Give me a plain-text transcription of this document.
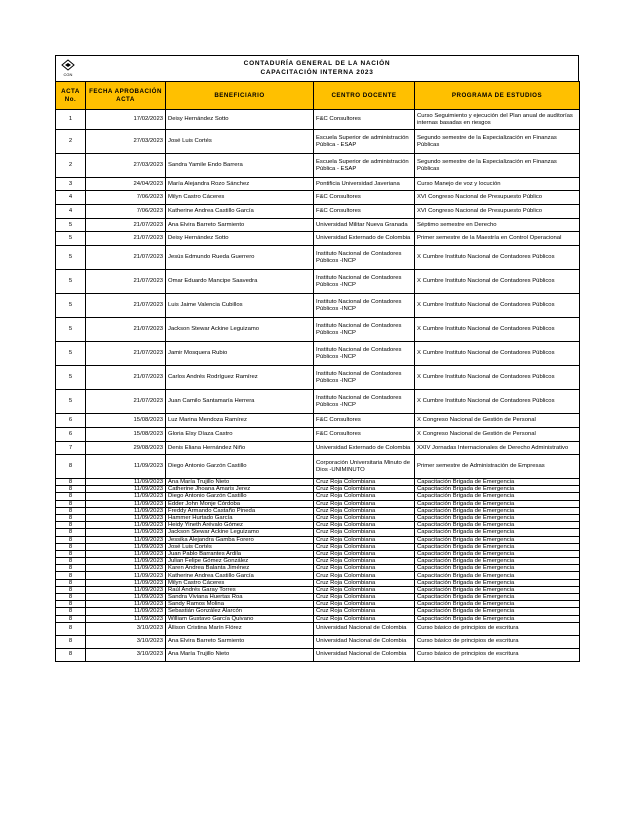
CGN
CONTADURÍA GENERAL DE LA NACIÓN
CAPACITACIÓN INTERNA 2023
ACTA No.	FECHA APROBACIÓN ACTA	BENEFICIARIO	CENTRO DOCENTE	PROGRAMA DE ESTUDIOS
1	17/02/2023	Deisy Hernández Sotto	F&C Consultores	Curso Seguimiento y ejecución del Plan anual de auditorías internas basadas en riesgos
2	27/03/2023	José Luis Cortés	Escuela Superior de administración Pública - ESAP	Segundo semestre de la Especialización en Finanzas Públicas
2	27/03/2023	Sandra Yamile Endo Barrera	Escuela Superior de administración Pública - ESAP	Segundo semestre de la Especialización en Finanzas Públicas
3	24/04/2023	María Alejandra Rozo Sánchez	Pontificia Universidad Javeriana	Curso Manejo de voz y locución
4	7/06/2023	Milyn Castro Cáceres	F&C Consultores	XVI Congreso Nacional de Presupuesto Público
4	7/06/2023	Katherine Andrea Castillo García	F&C Consultores	XVI Congreso Nacional de Presupuesto Público
5	21/07/2023	Ana Elvira Barreto Sarmiento	Universidad Militar Nueva Granada	Séptimo semestre en Derecho
5	21/07/2023	Deisy Hernández Sotto	Universidad Externado de Colombia	Primer semestre de la Maestría en Control Operacional
5	21/07/2023	Jesús Edmundo Rueda Guerrero	Instituto Nacional de Contadores Públicos -INCP	X Cumbre Instituto Nacional de Contadores Públicos
5	21/07/2023	Omar Eduardo Mancipe Saavedra	Instituto Nacional de Contadores Públicos -INCP	X Cumbre Instituto Nacional de Contadores Públicos
5	21/07/2023	Luis Jaime Valencia Cubillos	Instituto Nacional de Contadores Públicos -INCP	X Cumbre Instituto Nacional de Contadores Públicos
5	21/07/2023	Jackson Stewar Ackine Leguizamo	Instituto Nacional de Contadores Públicos -INCP	X Cumbre Instituto Nacional de Contadores Públicos
5	21/07/2023	Jamir Mosquera Rubio	Instituto Nacional de Contadores Públicos -INCP	X Cumbre Instituto Nacional de Contadores Públicos
5	21/07/2023	Carlos Andrés Rodríguez Ramírez	Instituto Nacional de Contadores Públicos -INCP	X Cumbre Instituto Nacional de Contadores Públicos
5	21/07/2023	Juan Camilo Santamaría Herrera	Instituto Nacional de Contadores Públicos -INCP	X Cumbre Instituto Nacional de Contadores Públicos
6	15/08/2023	Luz Marina Mendoza Ramírez	F&C Consultores	X Congreso Nacional de Gestión de Personal
6	15/08/2023	Gloria Elsy Díaza Castro	F&C Consultores	X Congreso Nacional de Gestión de Personal
7	29/08/2023	Denis Eliana Hernández Niño	Universidad Externado de Colombia	XXIV Jornadas Internacionales de Derecho Administrativo
8	11/09/2023	Diego Antonio Garzón Castillo	Corporación Universitaria Minuto de Dios -UNIMINUTO	Primer semestre de Administración de Empresas
8	11/09/2023	Ana María Trujillo Nieto	Cruz Roja Colombiana	Capacitación Brigada de Emergencia
8	11/09/2023	Catherine Jhoana Amaris Jerez	Cruz Roja Colombiana	Capacitación Brigada de Emergencia
8	11/09/2023	Diego Antonio Garzón Castillo	Cruz Roja Colombiana	Capacitación Brigada de Emergencia
8	11/09/2023	Edder John Monje Córdoba	Cruz Roja Colombiana	Capacitación Brigada de Emergencia
8	11/09/2023	Freddy Armando Castaño Pineda	Cruz Roja Colombiana	Capacitación Brigada de Emergencia
8	11/09/2023	Hammer Hurtado García	Cruz Roja Colombiana	Capacitación Brigada de Emergencia
8	11/09/2023	Heidy Yineth Arévalo Gómez	Cruz Roja Colombiana	Capacitación Brigada de Emergencia
8	11/09/2023	Jackson Stewar Ackine Leguizamo	Cruz Roja Colombiana	Capacitación Brigada de Emergencia
8	11/09/2023	Jessika Alejandra Gamba Forero	Cruz Roja Colombiana	Capacitación Brigada de Emergencia
8	11/09/2023	José Luis Cortés	Cruz Roja Colombiana	Capacitación Brigada de Emergencia
8	11/09/2023	Juan Pablo Barrantes Ardila	Cruz Roja Colombiana	Capacitación Brigada de Emergencia
8	11/09/2023	Julian Felipe Gómez González	Cruz Roja Colombiana	Capacitación Brigada de Emergencia
8	11/09/2023	Karen Andrea Balanta Jiménez	Cruz Roja Colombiana	Capacitación Brigada de Emergencia
8	11/09/2023	Katherine Andrea Castillo García	Cruz Roja Colombiana	Capacitación Brigada de Emergencia
8	11/09/2023	Milyn Castro Cáceres	Cruz Roja Colombiana	Capacitación Brigada de Emergencia
8	11/09/2023	Raúl Andrés Garay Torres	Cruz Roja Colombiana	Capacitación Brigada de Emergencia
8	11/09/2023	Sandra Viviana Huertas Roa	Cruz Roja Colombiana	Capacitación Brigada de Emergencia
8	11/09/2023	Sandy Ramos Molina	Cruz Roja Colombiana	Capacitación Brigada de Emergencia
8	11/09/2023	Sebastián González Alarcón	Cruz Roja Colombiana	Capacitación Brigada de Emergencia
8	11/09/2023	William Gustavo García Quivano	Cruz Roja Colombiana	Capacitación Brigada de Emergencia
8	3/10/2023	Ällison Cristina Marín Flórez	Universidad Nacional de Colombia	Curso básico de principios de escritura
8	3/10/2023	Ana Elvira Barreto Sarmiento	Universidad Nacional de Colombia	Curso básico de principios de escritura
8	3/10/2023	Ana María Trujillo Nieto	Universidad Nacional de Colombia	Curso básico de principios de escritura
